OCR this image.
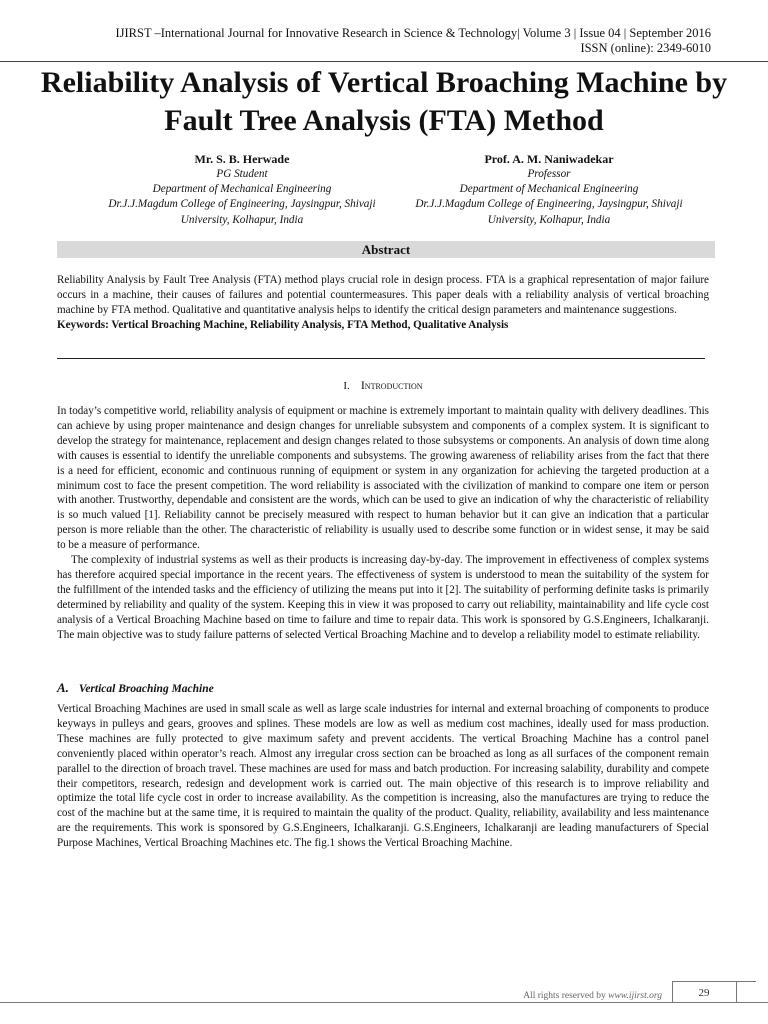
IJIRST –International Journal for Innovative Research in Science & Technology| Volume 3 | Issue 04 | September 2016
ISSN (online): 2349-6010
Reliability Analysis of Vertical Broaching Machine by Fault Tree Analysis (FTA) Method
Mr. S. B. Herwade
PG Student
Department of Mechanical Engineering
Dr.J.J.Magdum College of Engineering, Jaysingpur, Shivaji
University, Kolhapur, India
Prof. A. M. Naniwadekar
Professor
Department of Mechanical Engineering
Dr.J.J.Magdum College of Engineering, Jaysingpur, Shivaji
University, Kolhapur, India
Abstract

Reliability Analysis by Fault Tree Analysis (FTA) method plays crucial role in design process. FTA is a graphical representation of major failure occurs in a machine, their causes of failures and potential countermeasures. This paper deals with a reliability analysis of vertical broaching machine by FTA method. Qualitative and quantitative analysis helps to identify the critical design parameters and maintenance suggestions.

Keywords: Vertical Broaching Machine, Reliability Analysis, FTA Method, Qualitative Analysis

I. Introduction

In today’s competitive world, reliability analysis of equipment or machine is extremely important to maintain quality with delivery deadlines. This can achieve by using proper maintenance and design changes for unreliable subsystem and components of a complex system. It is significant to develop the strategy for maintenance, replacement and design changes related to those subsystems or components. An analysis of down time along with causes is essential to identify the unreliable components and subsystems. The growing awareness of reliability arises from the fact that there is a need for efficient, economic and continuous running of equipment or system in any organization for achieving the targeted production at a minimum cost to face the present competition. The word reliability is associated with the civilization of mankind to compare one item or person with another. Trustworthy, dependable and consistent are the words, which can be used to give an indication of why the characteristic of reliability is so much valued [1]. Reliability cannot be precisely measured with respect to human behavior but it can give an indication that a particular person is more reliable than the other. The characteristic of reliability is usually used to describe some function or in widest sense, it may be said to be a measure of performance.

The complexity of industrial systems as well as their products is increasing day-by-day. The improvement in effectiveness of complex systems has therefore acquired special importance in the recent years. The effectiveness of system is understood to mean the suitability of the system for the fulfillment of the intended tasks and the efficiency of utilizing the means put into it [2]. The suitability of performing definite tasks is primarily determined by reliability and quality of the system. Keeping this in view it was proposed to carry out reliability, maintainability and life cycle cost analysis of a Vertical Broaching Machine based on time to failure and time to repair data. This work is sponsored by G.S.Engineers, Ichalkaranji. The main objective was to study failure patterns of selected Vertical Broaching Machine and to develop a reliability model to estimate reliability.

A. Vertical Broaching Machine

Vertical Broaching Machines are used in small scale as well as large scale industries for internal and external broaching of components to produce keyways in pulleys and gears, grooves and splines. These models are low as well as medium cost machines, ideally used for mass production. These machines are fully protected to give maximum safety and prevent accidents. The vertical Broaching Machine has a control panel conveniently placed within operator’s reach. Almost any irregular cross section can be broached as long as all surfaces of the component remain parallel to the direction of broach travel. These machines are used for mass and batch production. For increasing salability, durability and compete their competitors, research, redesign and development work is carried out. The main objective of this research is to improve reliability and optimize the total life cycle cost in order to increase availability. As the competition is increasing, also the manufactures are trying to reduce the cost of the machine but at the same time, it is required to maintain the quality of the product. Quality, reliability, availability and less maintenance are the requirements. This work is sponsored by G.S.Engineers, Ichalkaranji. G.S.Engineers, Ichalkaranji are leading manufacturers of Special Purpose Machines, Vertical Broaching Machines etc. The fig.1 shows the Vertical Broaching Machine.

All rights reserved by www.ijirst.org	29
